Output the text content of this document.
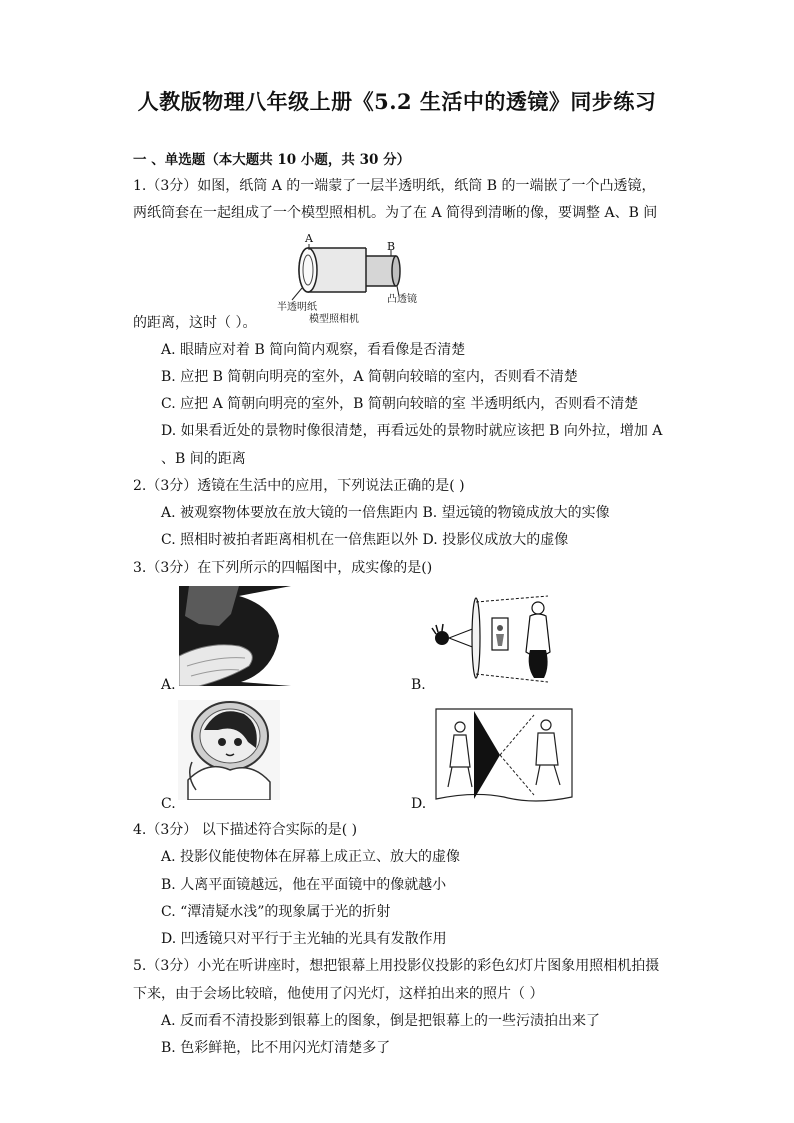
人教版物理八年级上册《5.2 生活中的透镜》同步练习
一 、单选题（本大题共 10 小题，共 30 分）
1.（3分）如图，纸筒 A 的一端蒙了一层半透明纸，纸筒 B 的一端嵌了一个凸透镜，
两纸筒套在一起组成了一个模型照相机。为了在 A 简得到清晰的像，要调整 A、B 间
A
B
半透明纸
凸透镜
模型照相机
的距离，这时（ ）。
A. 眼睛应对着 B 简向简内观察，看看像是否清楚
B. 应把 B 简朝向明亮的室外，A 简朝向较暗的室内，否则看不清楚
C. 应把 A 简朝向明亮的室外，B 简朝向较暗的室 半透明纸内，否则看不清楚
D. 如果看近处的景物时像很清楚，再看远处的景物时就应该把 B 向外拉，增加 A
、B 间的距离
2.（3分）透镜在生活中的应用，下列说法正确的是( )
A. 被观察物体要放在放大镜的一倍焦距内 B. 望远镜的物镜成放大的实像
C. 照相时被拍者距离相机在一倍焦距以外 D. 投影仪成放大的虚像
3.（3分）在下列所示的四幅图中，成实像的是()
A.	B.
C.	D.
4.（3分） 以下描述符合实际的是( )
A. 投影仪能使物体在屏幕上成正立、放大的虚像
B. 人离平面镜越远，他在平面镜中的像就越小
C. “潭清疑水浅”的现象属于光的折射
D. 凹透镜只对平行于主光轴的光具有发散作用
5.（3分）小光在听讲座时，想把银幕上用投影仪投影的彩色幻灯片图象用照相机拍摄
下来，由于会场比较暗，他使用了闪光灯，这样拍出来的照片（ ）
A. 反而看不清投影到银幕上的图象，倒是把银幕上的一些污渍拍出来了
B. 色彩鲜艳，比不用闪光灯清楚多了
